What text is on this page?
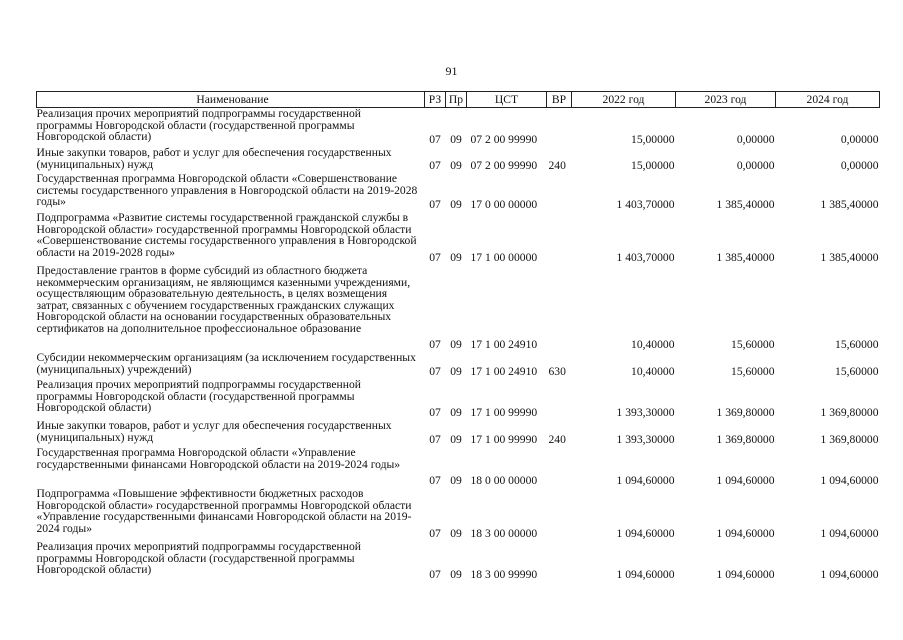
91
Наименование	РЗ	Пр	ЦСТ	ВР	2022 год	2023 год	2024 год
Реализация прочих мероприятий подпрограммы государственной программы Новгородской области (государственной программы Новгородской области)	07	09	07 2 00 99990		15,00000	0,00000	0,00000
Иные закупки товаров, работ и услуг для обеспечения государственных (муниципальных) нужд	07	09	07 2 00 99990	240	15,00000	0,00000	0,00000
Государственная программа Новгородской области «Совершенствование системы государственного управления в Новгородской области на 2019-2028 годы»	07	09	17 0 00 00000		1 403,70000	1 385,40000	1 385,40000
Подпрограмма «Развитие системы государственной гражданской службы в Новгородской области» государственной программы Новгородской области «Совершенствование системы государственного управления в Новгородской области на 2019-2028 годы»	07	09	17 1 00 00000		1 403,70000	1 385,40000	1 385,40000
Предоставление грантов в форме субсидий из областного бюджета некоммерческим организациям, не являющимся казенными учреждениями, осуществляющим образовательную деятельность, в целях возмещения затрат, связанных с обучением государственных гражданских служащих Новгородской области на основании государственных образовательных сертификатов на дополнительное профессиональное образование	07	09	17 1 00 24910		10,40000	15,60000	15,60000
Субсидии некоммерческим организациям (за исключением государственных (муниципальных) учреждений)	07	09	17 1 00 24910	630	10,40000	15,60000	15,60000
Реализация прочих мероприятий подпрограммы государственной программы Новгородской области (государственной программы Новгородской области)	07	09	17 1 00 99990		1 393,30000	1 369,80000	1 369,80000
Иные закупки товаров, работ и услуг для обеспечения государственных (муниципальных) нужд	07	09	17 1 00 99990	240	1 393,30000	1 369,80000	1 369,80000
Государственная программа Новгородской области «Управление государственными финансами Новгородской области на 2019-2024 годы»	07	09	18 0 00 00000		1 094,60000	1 094,60000	1 094,60000
Подпрограмма «Повышение эффективности бюджетных расходов Новгородской области» государственной программы Новгородской области «Управление государственными финансами Новгородской области на 2019-2024 годы»	07	09	18 3 00 00000		1 094,60000	1 094,60000	1 094,60000
Реализация прочих мероприятий подпрограммы государственной программы Новгородской области (государственной программы Новгородской области)	07	09	18 3 00 99990		1 094,60000	1 094,60000	1 094,60000
